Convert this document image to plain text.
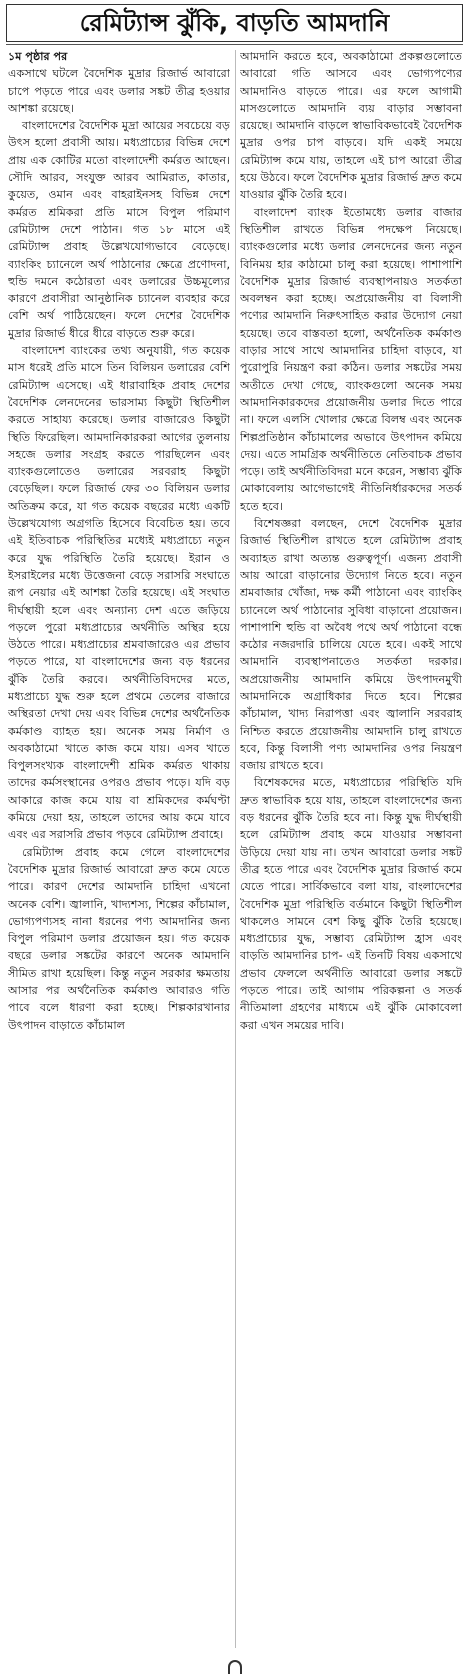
রেমিট্যান্স ঝুঁকি, বাড়তি আমদানি

১ম পৃষ্ঠার পর

একসাথে ঘটলে বৈদেশিক মুদ্রার রিজার্ভ আবারো চাপে পড়তে পারে এবং ডলার সঙ্কট তীব্র হওয়ার আশঙ্কা রয়েছে।

বাংলাদেশের বৈদেশিক মুদ্রা আয়ের সবচেয়ে বড় উৎস হলো প্রবাসী আয়। মধ্যপ্রাচ্যের বিভিন্ন দেশে প্রায় এক কোটির মতো বাংলাদেশী কর্মরত আছেন। সৌদি আরব, সংযুক্ত আরব আমিরাত, কাতার, কুয়েত, ওমান এবং বাহরাইনসহ বিভিন্ন দেশে কর্মরত শ্রমিকরা প্রতি মাসে বিপুল পরিমাণ রেমিট্যান্স দেশে পাঠান। গত ১৮ মাসে এই রেমিট্যান্স প্রবাহ উল্লেখযোগ্যভাবে বেড়েছে। ব্যাংকিং চ্যানেলে অর্থ পাঠানোর ক্ষেত্রে প্রণোদনা, হুন্ডি দমনে কঠোরতা এবং ডলারের উচ্চমূল্যের কারণে প্রবাসীরা আনুষ্ঠানিক চ্যানেল ব্যবহার করে বেশি অর্থ পাঠিয়েছেন। ফলে দেশের বৈদেশিক মুদ্রার রিজার্ভ ধীরে ধীরে বাড়তে শুরু করে।

বাংলাদেশ ব্যাংকের তথ্য অনুযায়ী, গত কয়েক মাস ধরেই প্রতি মাসে তিন বিলিয়ন ডলারের বেশি রেমিট্যান্স এসেছে। এই ধারাবাহিক প্রবাহ দেশের বৈদেশিক লেনদেনের ভারসাম্য কিছুটা স্থিতিশীল করতে সাহায্য করেছে। ডলার বাজারেও কিছুটা স্থিতি ফিরেছিল। আমদানিকারকরা আগের তুলনায় সহজে ডলার সংগ্রহ করতে পারছিলেন এবং ব্যাংকগুলোতেও ডলারের সরবরাহ কিছুটা বেড়েছিল। ফলে রিজার্ভ ফের ৩০ বিলিয়ন ডলার অতিক্রম করে, যা গত কয়েক বছরের মধ্যে একটি উল্লেখযোগ্য অগ্রগতি হিসেবে বিবেচিত হয়। তবে এই ইতিবাচক পরিস্থিতির মধ্যেই মধ্যপ্রাচ্যে নতুন করে যুদ্ধ পরিস্থিতি তৈরি হয়েছে। ইরান ও ইসরাইলের মধ্যে উত্তেজনা বেড়ে সরাসরি সংঘাতে রূপ নেয়ার এই আশঙ্কা তৈরি হয়েছে। এই সংঘাত দীর্ঘস্থায়ী হলে এবং অন্যান্য দেশ এতে জড়িয়ে পড়লে পুরো মধ্যপ্রাচ্যের অর্থনীতি অস্থির হয়ে উঠতে পারে। মধ্যপ্রাচ্যের শ্রমবাজারেও এর প্রভাব পড়তে পারে, যা বাংলাদেশের জন্য বড় ধরনের ঝুঁকি তৈরি করবে। অর্থনীতিবিদদের মতে, মধ্যপ্রাচ্যে যুদ্ধ শুরু হলে প্রথমে তেলের বাজারে অস্থিরতা দেখা দেয় এবং বিভিন্ন দেশের অর্থনৈতিক কর্মকাণ্ড ব্যাহত হয়। অনেক সময় নির্মাণ ও অবকাঠামো খাতে কাজ কমে যায়। এসব খাতে বিপুলসংখ্যক বাংলাদেশী শ্রমিক কর্মরত থাকায় তাদের কর্মসংস্থানের ওপরও প্রভাব পড়ে। যদি বড় আকারে কাজ কমে যায় বা শ্রমিকদের কর্মঘণ্টা কমিয়ে দেয়া হয়, তাহলে তাদের আয় কমে যাবে এবং এর সরাসরি প্রভাব পড়বে রেমিট্যান্স প্রবাহে।

রেমিট্যান্স প্রবাহ কমে গেলে বাংলাদেশের বৈদেশিক মুদ্রার রিজার্ভ আবারো দ্রুত কমে যেতে পারে। কারণ দেশের আমদানি চাহিদা এখনো অনেক বেশি। জ্বালানি, খাদ্যশস্য, শিল্পের কাঁচামাল, ভোগ্যপণ্যসহ নানা ধরনের পণ্য আমদানির জন্য বিপুল পরিমাণ ডলার প্রয়োজন হয়। গত কয়েক বছরে ডলার সঙ্কটের কারণে অনেক আমদানি সীমিত রাখা হয়েছিল। কিন্তু নতুন সরকার ক্ষমতায় আসার পর অর্থনৈতিক কর্মকাণ্ড আবারও গতি পাবে বলে ধারণা করা হচ্ছে। শিল্পকারখানার উৎপাদন বাড়াতে কাঁচামাল

আমদানি করতে হবে, অবকাঠামো প্রকল্পগুলোতে আবারো গতি আসবে এবং ভোগ্যপণ্যের আমদানিও বাড়তে পারে। এর ফলে আগামী মাসগুলোতে আমদানি ব্যয় বাড়ার সম্ভাবনা রয়েছে। আমদানি বাড়লে স্বাভাবিকভাবেই বৈদেশিক মুদ্রার ওপর চাপ বাড়বে। যদি একই সময়ে রেমিট্যান্স কমে যায়, তাহলে এই চাপ আরো তীব্র হয়ে উঠবে। ফলে বৈদেশিক মুদ্রার রিজার্ভ দ্রুত কমে যাওয়ার ঝুঁকি তৈরি হবে।

বাংলাদেশ ব্যাংক ইতোমধ্যে ডলার বাজার স্থিতিশীল রাখতে বিভিন্ন পদক্ষেপ নিয়েছে। ব্যাংকগুলোর মধ্যে ডলার লেনদেনের জন্য নতুন বিনিময় হার কাঠামো চালু করা হয়েছে। পাশাপাশি বৈদেশিক মুদ্রার রিজার্ভ ব্যবস্থাপনায়ও সতর্কতা অবলম্বন করা হচ্ছে। অপ্রয়োজনীয় বা বিলাসী পণ্যের আমদানি নিরুৎসাহিত করার উদ্যোগ নেয়া হয়েছে। তবে বাস্তবতা হলো, অর্থনৈতিক কর্মকাণ্ড বাড়ার সাথে সাথে আমদানির চাহিদা বাড়বে, যা পুরোপুরি নিয়ন্ত্রণ করা কঠিন। ডলার সঙ্কটের সময় অতীতে দেখা গেছে, ব্যাংকগুলো অনেক সময় আমদানিকারকদের প্রয়োজনীয় ডলার দিতে পারে না। ফলে এলসি খোলার ক্ষেত্রে বিলম্ব এবং অনেক শিল্পপ্রতিষ্ঠান কাঁচামালের অভাবে উৎপাদন কমিয়ে দেয়। এতে সামগ্রিক অর্থনীতিতে নেতিবাচক প্রভাব পড়ে। তাই অর্থনীতিবিদরা মনে করেন, সম্ভাব্য ঝুঁকি মোকাবেলায় আগেভাগেই নীতিনির্ধারকদের সতর্ক হতে হবে।

বিশেষজ্ঞরা বলছেন, দেশে বৈদেশিক মুদ্রার রিজার্ভ স্থিতিশীল রাখতে হলে রেমিট্যান্স প্রবাহ অব্যাহত রাখা অত্যন্ত গুরুত্বপূর্ণ। এজন্য প্রবাসী আয় আরো বাড়ানোর উদ্যোগ নিতে হবে। নতুন শ্রমবাজার খোঁজা, দক্ষ কর্মী পাঠানো এবং ব্যাংকিং চ্যানেলে অর্থ পাঠানোর সুবিধা বাড়ানো প্রয়োজন। পাশাপাশি হুন্ডি বা অবৈধ পথে অর্থ পাঠানো বন্ধে কঠোর নজরদারি চালিয়ে যেতে হবে। একই সাথে আমদানি ব্যবস্থাপনাতেও সতর্কতা দরকার। অপ্রয়োজনীয় আমদানি কমিয়ে উৎপাদনমুখী আমদানিকে অগ্রাধিকার দিতে হবে। শিল্পের কাঁচামাল, খাদ্য নিরাপত্তা এবং জ্বালানি সরবরাহ নিশ্চিত করতে প্রয়োজনীয় আমদানি চালু রাখতে হবে, কিন্তু বিলাসী পণ্য আমদানির ওপর নিয়ন্ত্রণ বজায় রাখতে হবে।

বিশেষকদের মতে, মধ্যপ্রাচ্যের পরিস্থিতি যদি দ্রুত স্বাভাবিক হয়ে যায়, তাহলে বাংলাদেশের জন্য বড় ধরনের ঝুঁকি তৈরি হবে না। কিন্তু যুদ্ধ দীর্ঘস্থায়ী হলে রেমিট্যান্স প্রবাহ কমে যাওয়ার সম্ভাবনা উড়িয়ে দেয়া যায় না। তখন আবারো ডলার সঙ্কট তীব্র হতে পারে এবং বৈদেশিক মুদ্রার রিজার্ভ কমে যেতে পারে। সার্বিকভাবে বলা যায়, বাংলাদেশের বৈদেশিক মুদ্রা পরিস্থিতি বর্তমানে কিছুটা স্থিতিশীল থাকলেও সামনে বেশ কিছু ঝুঁকি তৈরি হয়েছে। মধ্যপ্রাচ্যের যুদ্ধ, সম্ভাব্য রেমিট্যান্স হ্রাস এবং বাড়তি আমদানির চাপ- এই তিনটি বিষয় একসাথে প্রভাব ফেললে অর্থনীতি আবারো ডলার সঙ্কটে পড়তে পারে। তাই আগাম পরিকল্পনা ও সতর্ক নীতিমালা গ্রহণের মাধ্যমে এই ঝুঁকি মোকাবেলা করা এখন সময়ের দাবি।
